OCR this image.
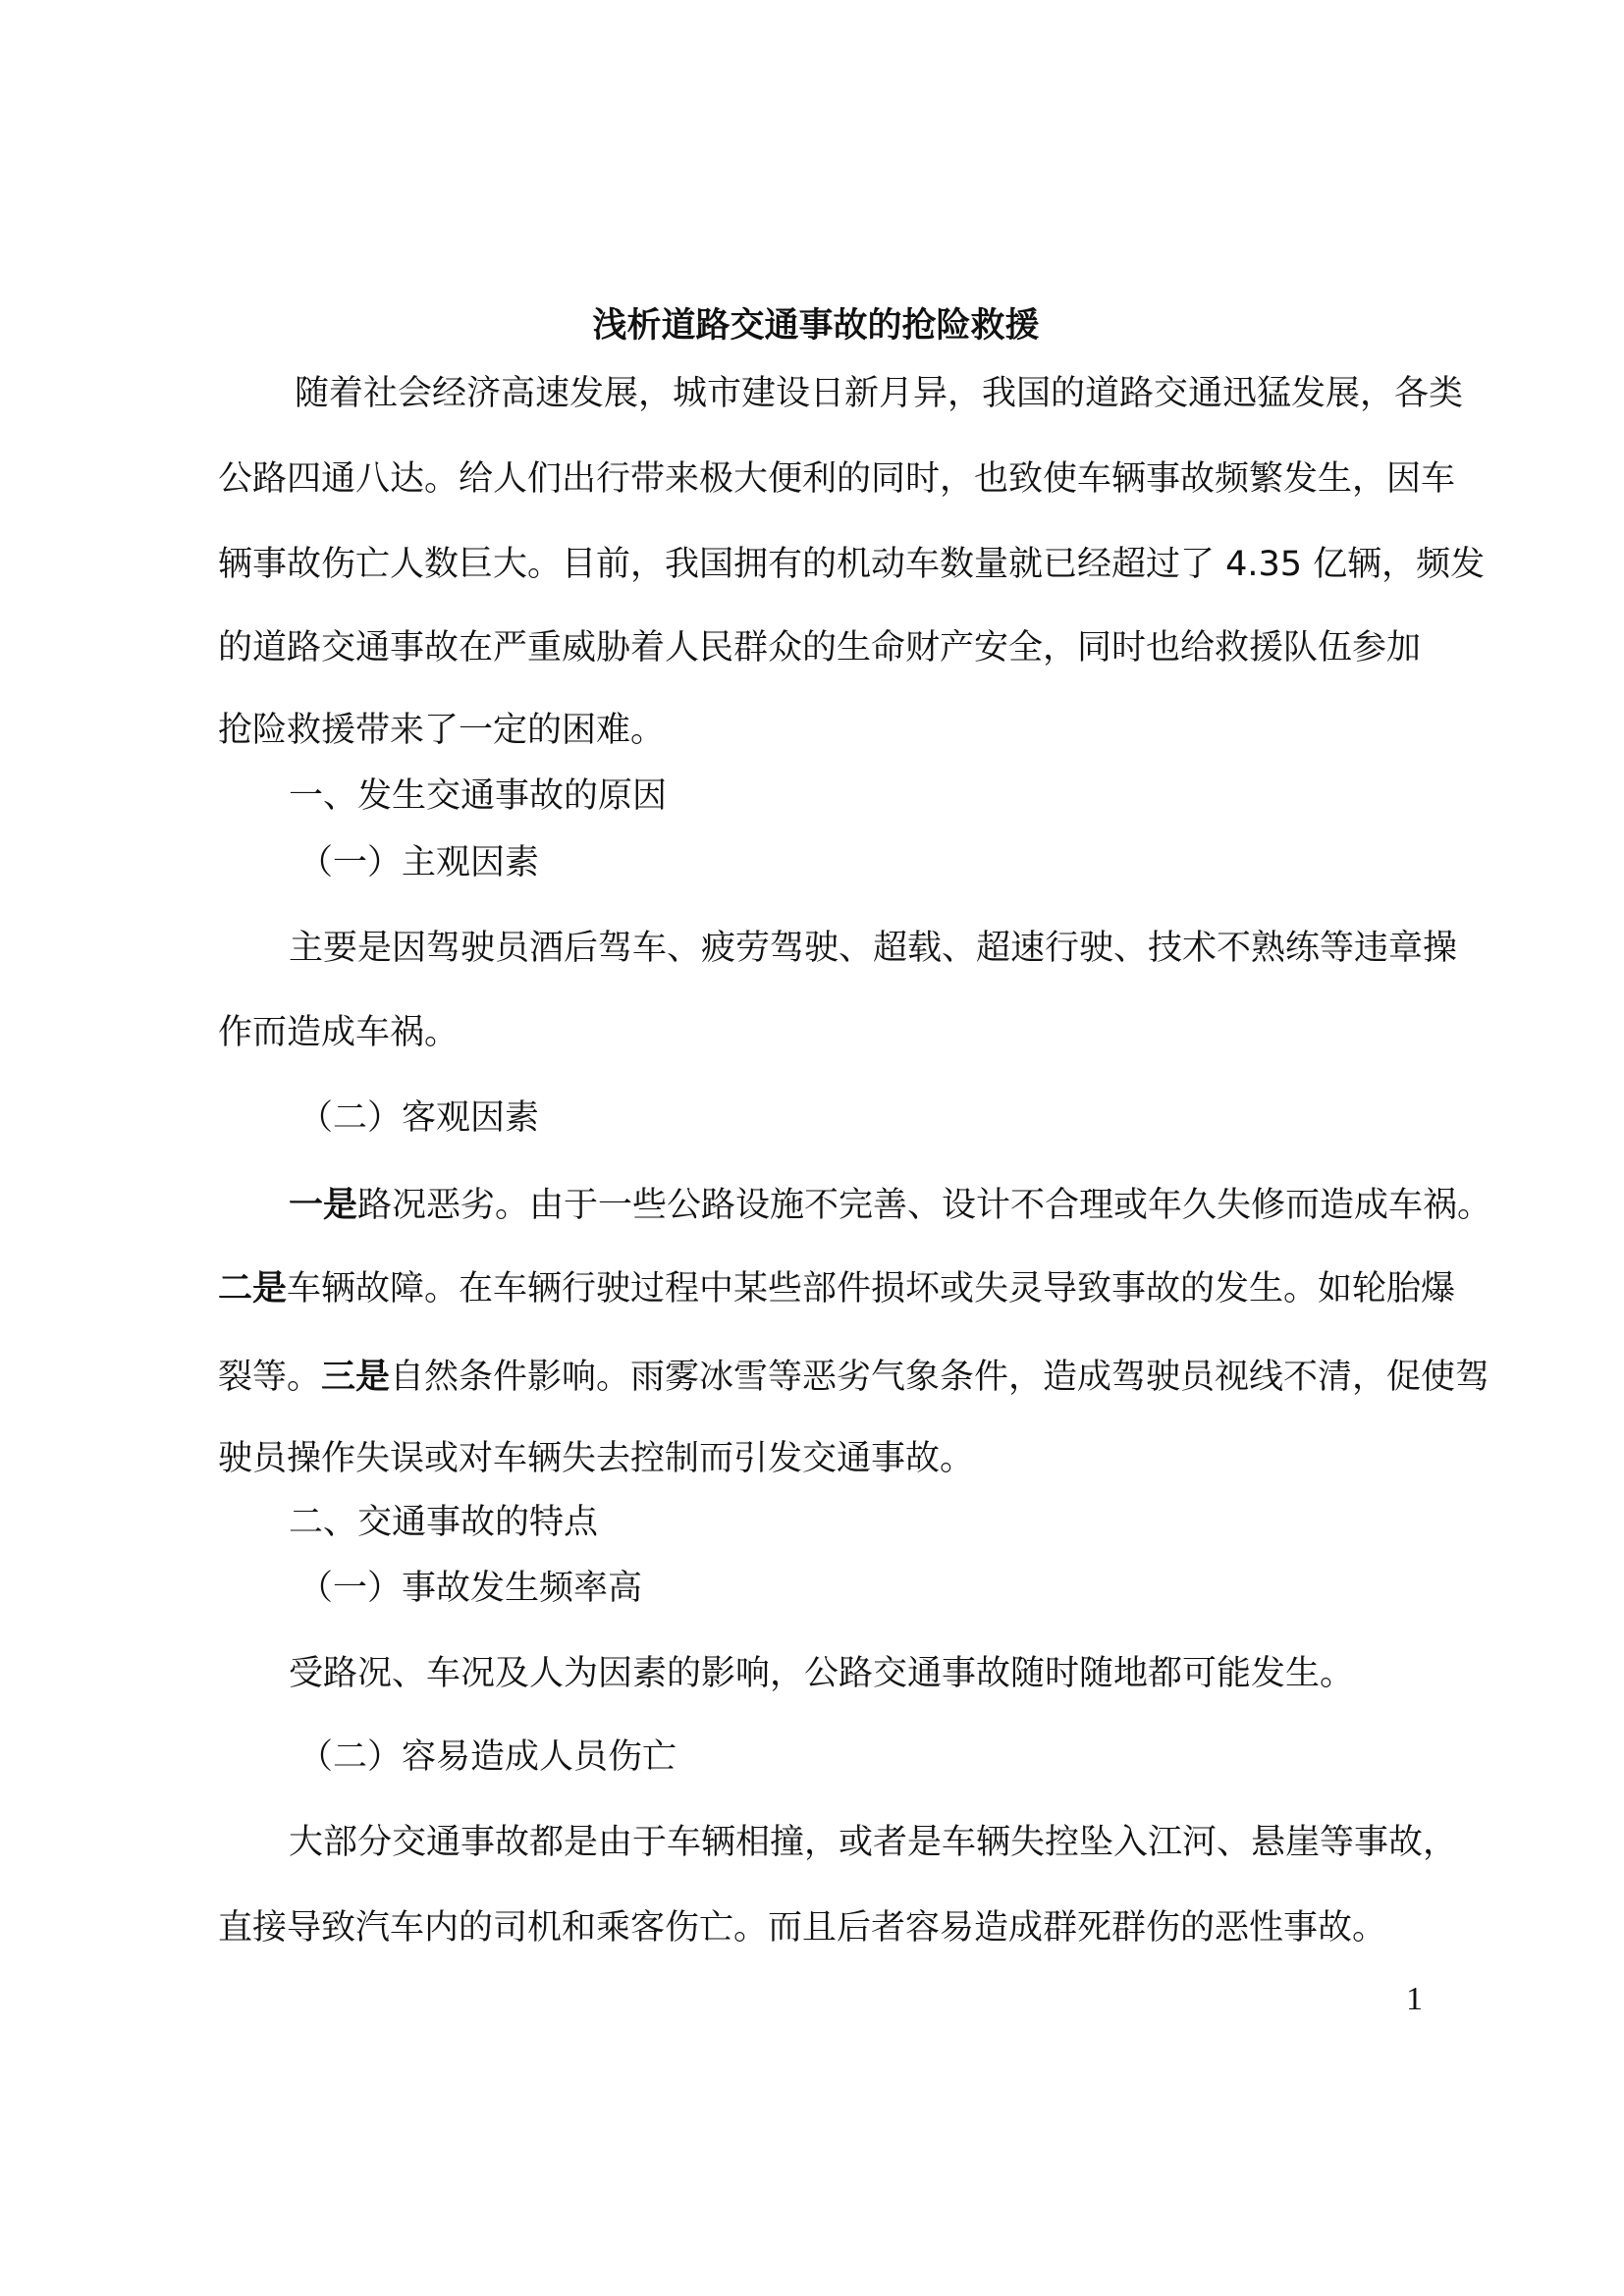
浅析道路交通事故的抢险救援
随着社会经济高速发展，城市建设日新月异，我国的道路交通迅猛发展，各类
公路四通八达。给人们出行带来极大便利的同时，也致使车辆事故频繁发生，因车
辆事故伤亡人数巨大。目前，我国拥有的机动车数量就已经超过了 4.35 亿辆，频发
的道路交通事故在严重威胁着人民群众的生命财产安全，同时也给救援队伍参加
抢险救援带来了一定的困难。
一、发生交通事故的原因
（一）主观因素
主要是因驾驶员酒后驾车、疲劳驾驶、超载、超速行驶、技术不熟练等违章操
作而造成车祸。
（二）客观因素
一是路况恶劣。由于一些公路设施不完善、设计不合理或年久失修而造成车祸。
二是车辆故障。在车辆行驶过程中某些部件损坏或失灵导致事故的发生。如轮胎爆
裂等。三是自然条件影响。雨雾冰雪等恶劣气象条件，造成驾驶员视线不清，促使驾
驶员操作失误或对车辆失去控制而引发交通事故。
二、交通事故的特点
（一）事故发生频率高
受路况、车况及人为因素的影响，公路交通事故随时随地都可能发生。
（二）容易造成人员伤亡
大部分交通事故都是由于车辆相撞，或者是车辆失控坠入江河、悬崖等事故，
直接导致汽车内的司机和乘客伤亡。而且后者容易造成群死群伤的恶性事故。
1
